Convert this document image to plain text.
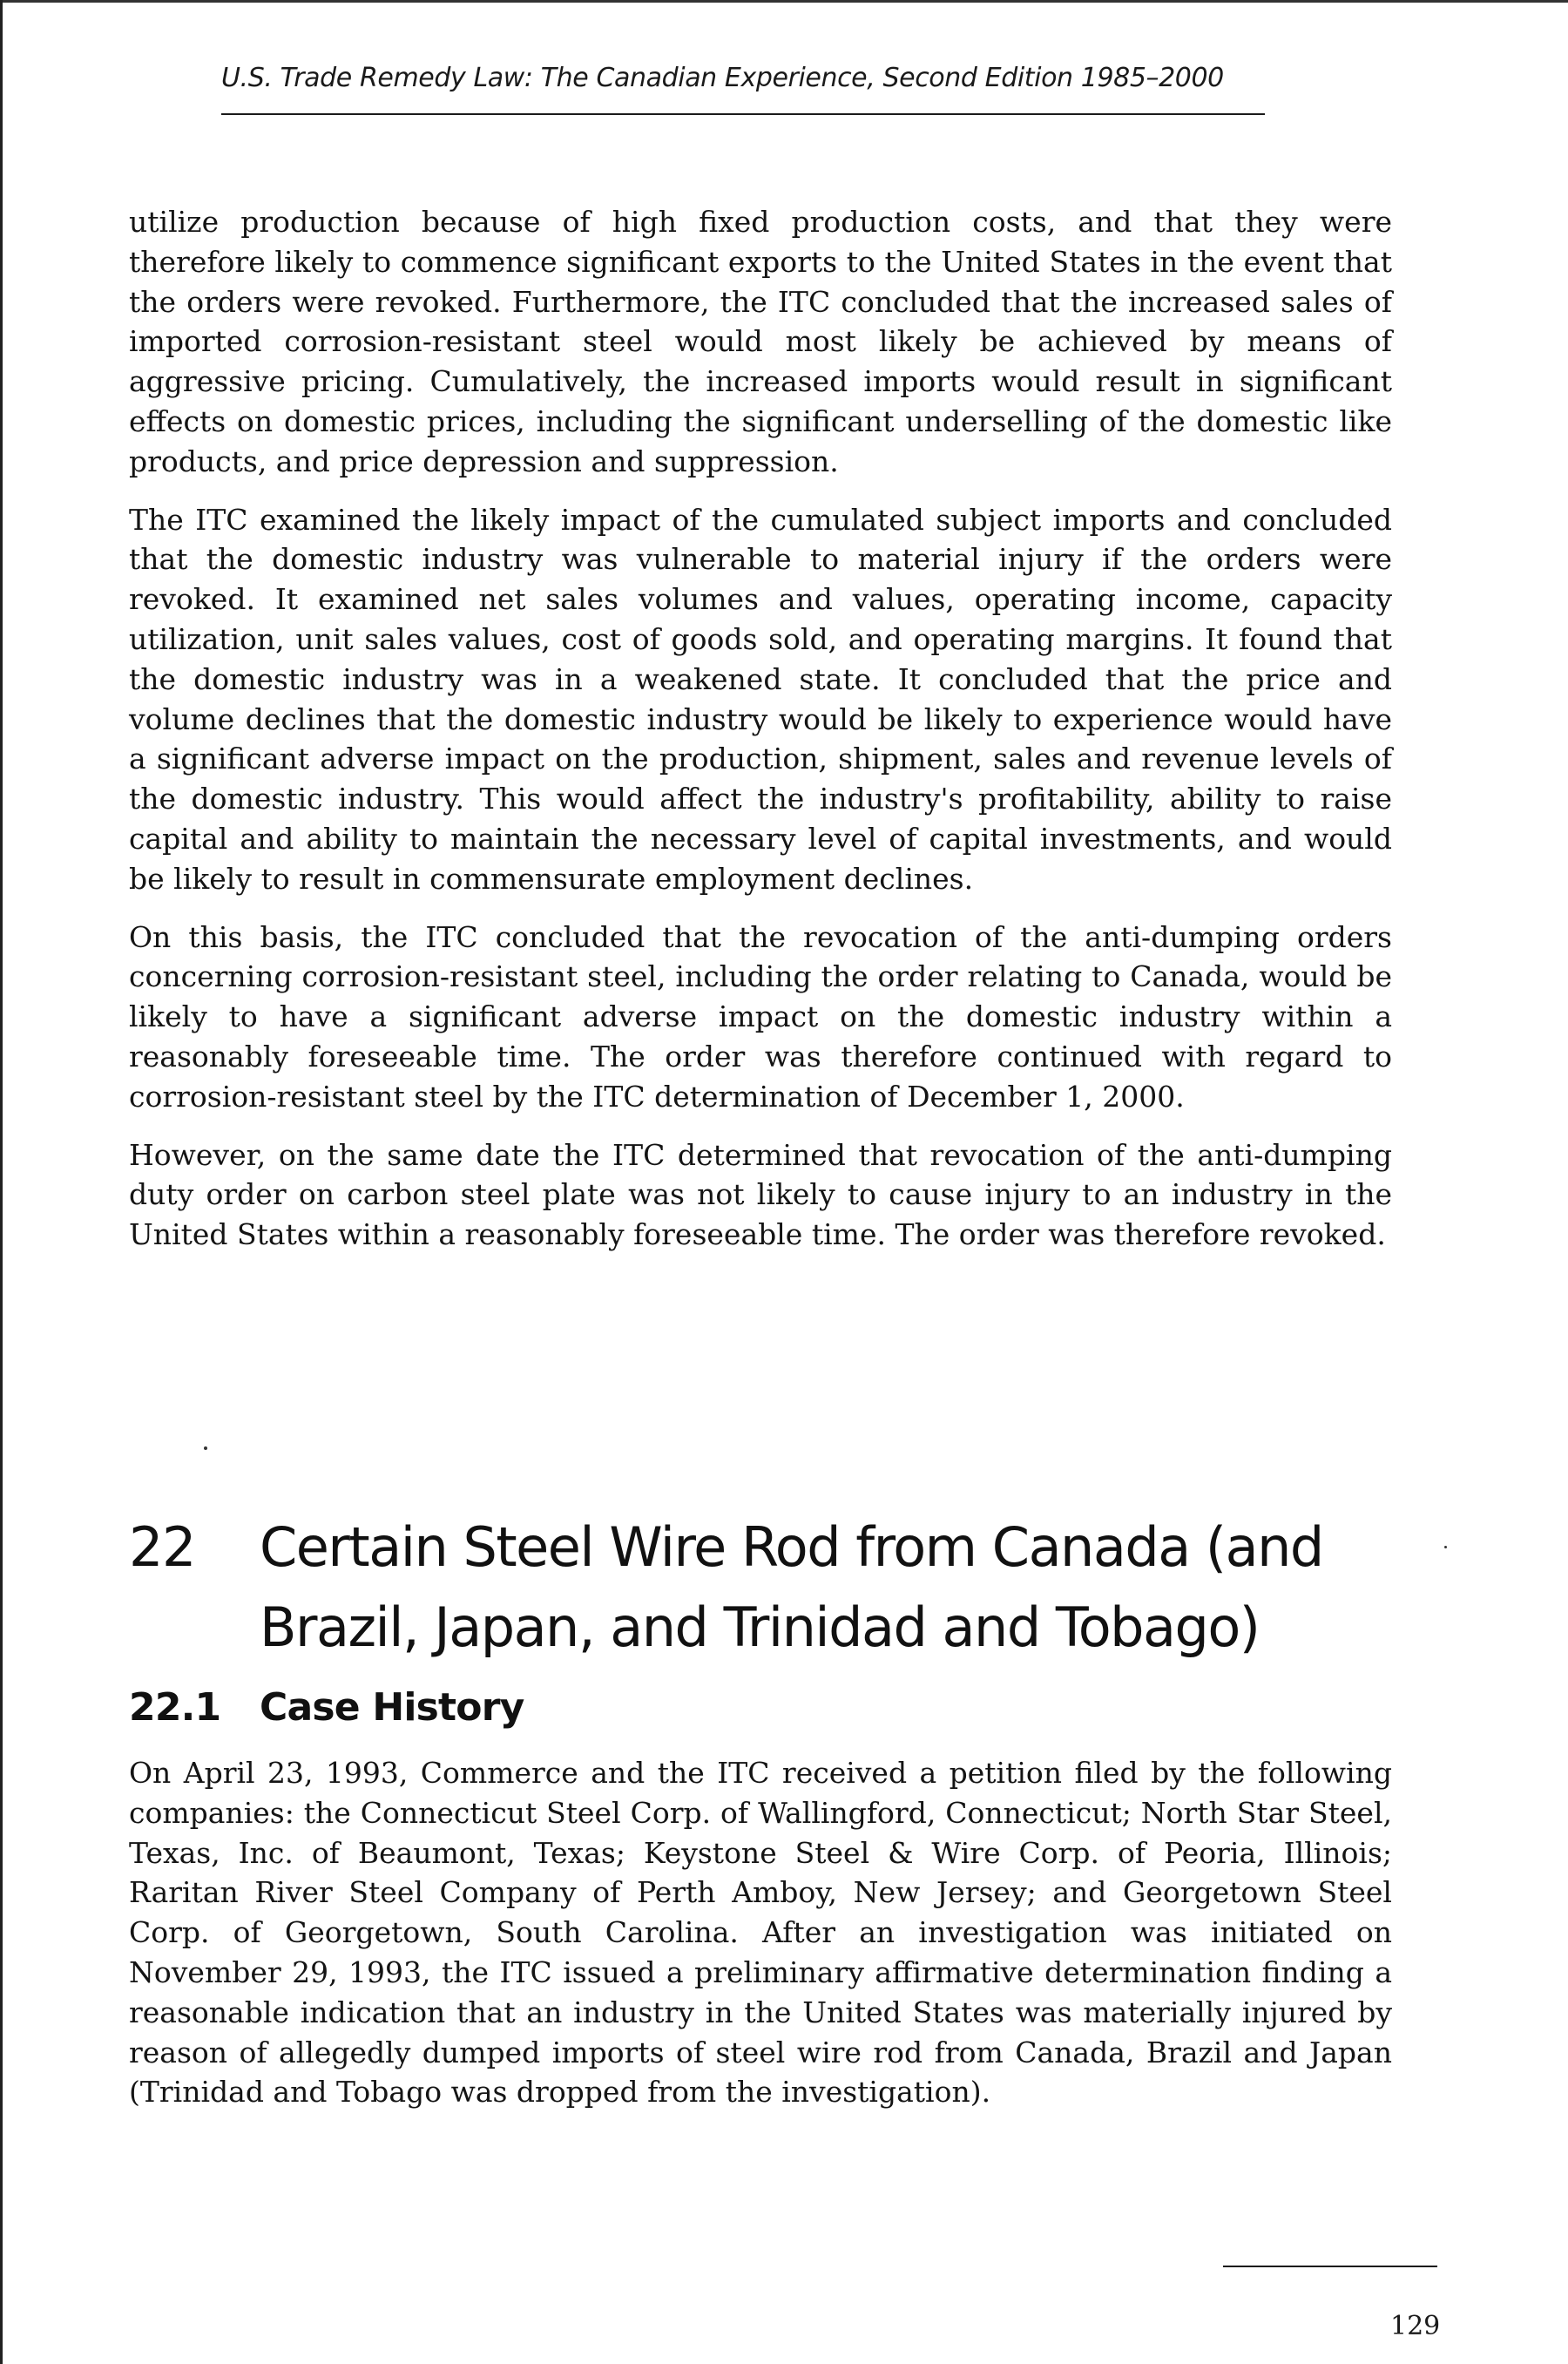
U.S. Trade Remedy Law: The Canadian Experience, Second Edition 1985–2000

utilize production because of high fixed production costs, and that they were therefore likely to commence significant exports to the United States in the event that the orders were revoked. Furthermore, the ITC concluded that the increased sales of imported corrosion-resistant steel would most likely be achieved by means of aggressive pricing. Cumulatively, the increased imports would result in significant effects on domestic prices, including the significant underselling of the domestic like products, and price depression and suppression.

The ITC examined the likely impact of the cumulated subject imports and concluded that the domestic industry was vulnerable to material injury if the orders were revoked. It examined net sales volumes and values, operating income, capacity utilization, unit sales values, cost of goods sold, and operating margins. It found that the domestic industry was in a weakened state. It concluded that the price and volume declines that the domestic industry would be likely to experience would have a significant adverse impact on the production, shipment, sales and revenue levels of the domestic industry. This would affect the industry's profitability, ability to raise capital and ability to maintain the necessary level of capital investments, and would be likely to result in commensurate employment declines.

On this basis, the ITC concluded that the revocation of the anti-dumping orders concerning corrosion-resistant steel, including the order relating to Canada, would be likely to have a significant adverse impact on the domestic industry within a reasonably foreseeable time. The order was therefore continued with regard to corrosion-resistant steel by the ITC determination of December 1, 2000.

However, on the same date the ITC determined that revocation of the anti-dumping duty order on carbon steel plate was not likely to cause injury to an industry in the United States within a reasonably foreseeable time. The order was therefore revoked.

22	Certain Steel Wire Rod from Canada (and Brazil, Japan, and Trinidad and Tobago)
22.1	Case History

On April 23, 1993, Commerce and the ITC received a petition filed by the following companies: the Connecticut Steel Corp. of Wallingford, Connecticut; North Star Steel, Texas, Inc. of Beaumont, Texas; Keystone Steel & Wire Corp. of Peoria, Illinois; Raritan River Steel Company of Perth Amboy, New Jersey; and Georgetown Steel Corp. of Georgetown, South Carolina. After an investigation was initiated on November 29, 1993, the ITC issued a preliminary affirmative determination finding a reasonable indication that an industry in the United States was materially injured by reason of allegedly dumped imports of steel wire rod from Canada, Brazil and Japan (Trinidad and Tobago was dropped from the investigation).

129
